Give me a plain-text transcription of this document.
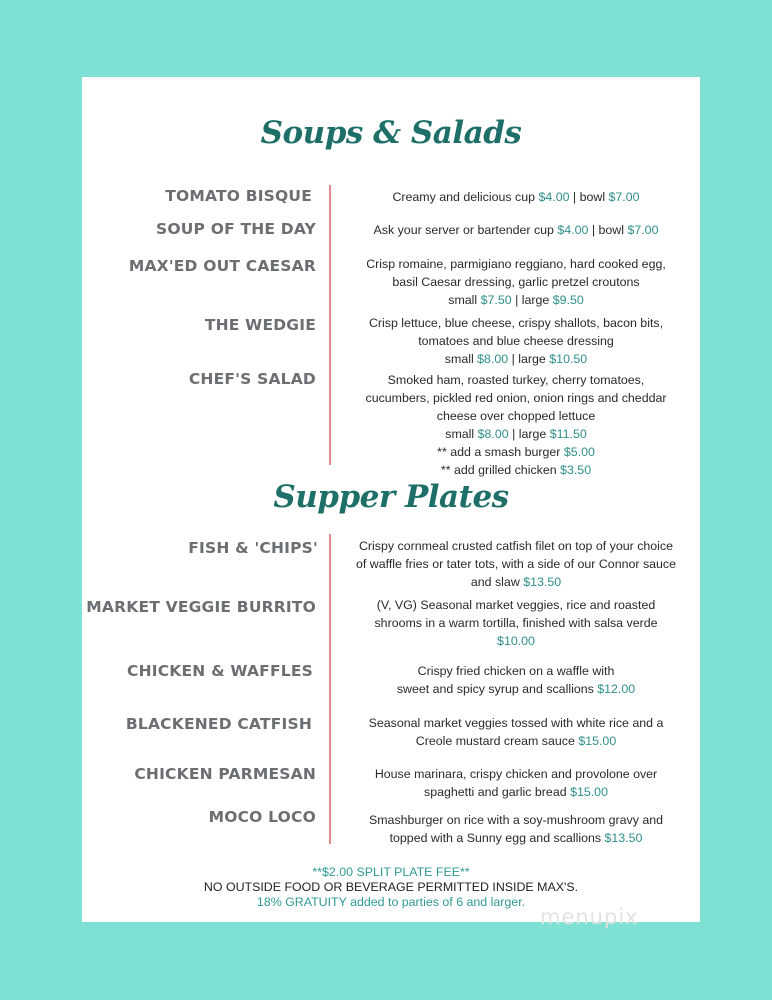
Soups & Salads
TOMATO BISQUE	Creamy and delicious cup $4.00 | bowl $7.00
SOUP OF THE DAY	Ask your server or bartender cup $4.00 | bowl $7.00
MAX'ED OUT CAESAR	Crisp romaine, parmigiano reggiano, hard cooked egg,
basil Caesar dressing, garlic pretzel croutons
small $7.50 | large $9.50
THE WEDGIE	Crisp lettuce, blue cheese, crispy shallots, bacon bits,
tomatoes and blue cheese dressing
small $8.00 | large $10.50
CHEF'S SALAD	Smoked ham, roasted turkey, cherry tomatoes,
cucumbers, pickled red onion, onion rings and cheddar
cheese over chopped lettuce
small $8.00 | large $11.50
** add a smash burger $5.00
** add grilled chicken $3.50
Supper Plates
FISH & 'CHIPS'	Crispy cornmeal crusted catfish filet on top of your choice
of waffle fries or tater tots, with a side of our Connor sauce
and slaw $13.50
MARKET VEGGIE BURRITO	(V, VG) Seasonal market veggies, rice and roasted
shrooms in a warm tortilla, finished with salsa verde
$10.00
CHICKEN & WAFFLES	Crispy fried chicken on a waffle with
sweet and spicy syrup and scallions $12.00
BLACKENED CATFISH	Seasonal market veggies tossed with white rice and a
Creole mustard cream sauce $15.00
CHICKEN PARMESAN	House marinara, crispy chicken and provolone over
spaghetti and garlic bread $15.00
MOCO LOCO	Smashburger on rice with a soy-mushroom gravy and
topped with a Sunny egg and scallions $13.50
**$2.00 SPLIT PLATE FEE**
NO OUTSIDE FOOD OR BEVERAGE PERMITTED INSIDE MAX'S.
18% GRATUITY added to parties of 6 and larger.
menupix
